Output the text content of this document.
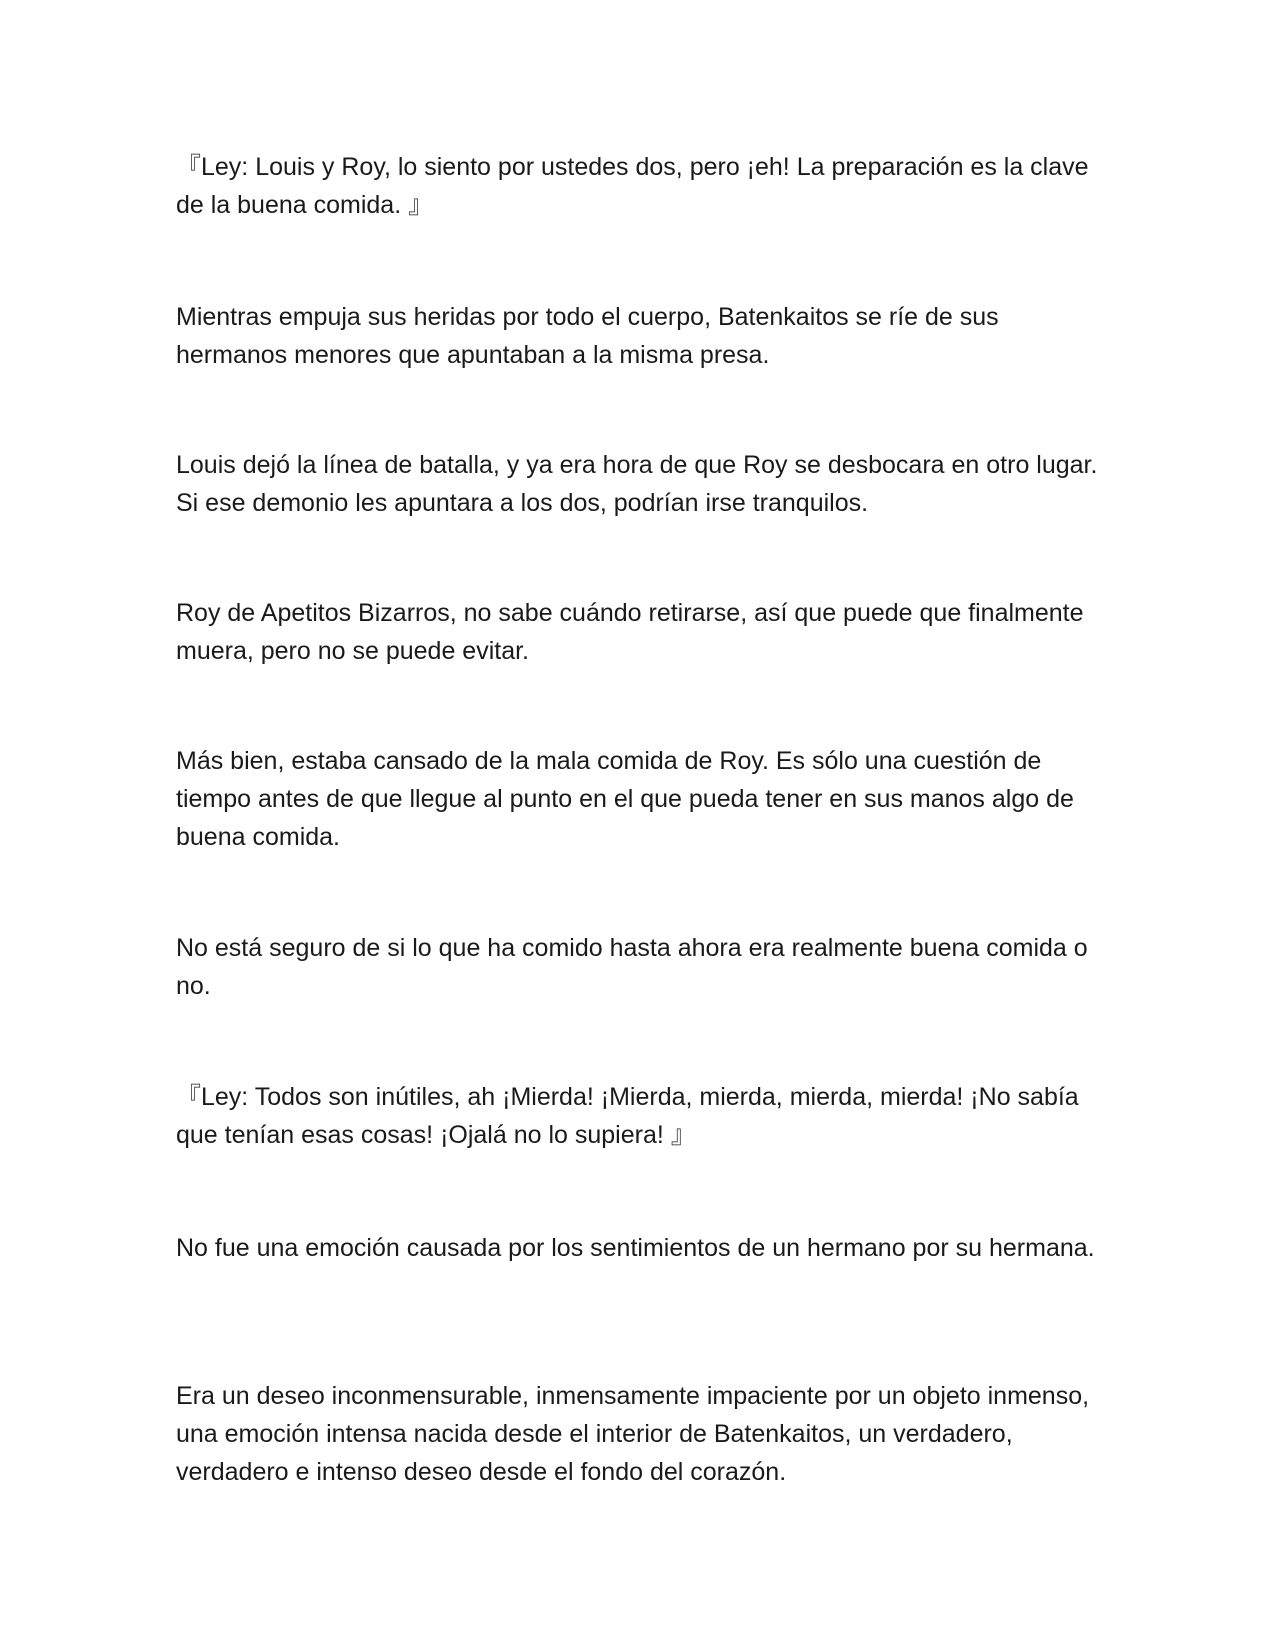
『Ley: Louis y Roy, lo siento por ustedes dos, pero ¡eh! La preparación es la clave de la buena comida. 』

Mientras empuja sus heridas por todo el cuerpo, Batenkaitos se ríe de sus hermanos menores que apuntaban a la misma presa.

Louis dejó la línea de batalla, y ya era hora de que Roy se desbocara en otro lugar. Si ese demonio les apuntara a los dos, podrían irse tranquilos.

Roy de Apetitos Bizarros, no sabe cuándo retirarse, así que puede que finalmente muera, pero no se puede evitar.

Más bien, estaba cansado de la mala comida de Roy. Es sólo una cuestión de tiempo antes de que llegue al punto en el que pueda tener en sus manos algo de buena comida.

No está seguro de si lo que ha comido hasta ahora era realmente buena comida o no.

『Ley: Todos son inútiles, ah ¡Mierda! ¡Mierda, mierda, mierda, mierda! ¡No sabía que tenían esas cosas! ¡Ojalá no lo supiera! 』

No fue una emoción causada por los sentimientos de un hermano por su hermana.

Era un deseo inconmensurable, inmensamente impaciente por un objeto inmenso, una emoción intensa nacida desde el interior de Batenkaitos, un verdadero, verdadero e intenso deseo desde el fondo del corazón.
